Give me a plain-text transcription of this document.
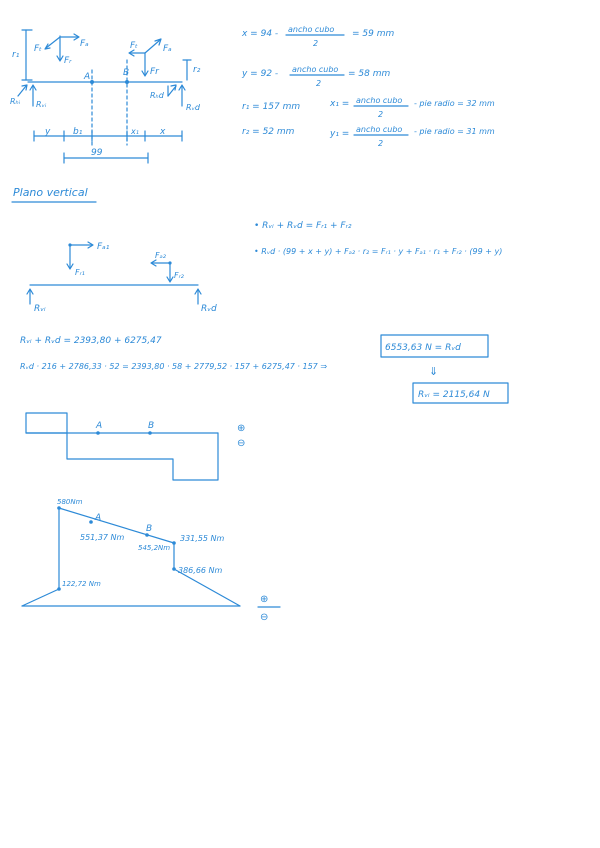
A	B
r₁
Fₐ
Fₜ
Fᵣ
Fₜ	Fₐ
Fr	r₂
Rₕᵢ Rᵥᵢ
Rₕd
Rᵥd
y	b₁	x₁ x
99
x = 94 - ancho cubo
2
= 59 mm
y = 92 - ancho cubo
2
= 58 mm
r₁ = 157 mm	x₁ = ancho cubo
2
- pie radio = 32 mm
r₂ = 52 mm	y₁ = ancho cubo
2
- pie radio = 31 mm
Plano vertical
• Rᵥᵢ + Rᵥd = Fᵣ₁ + Fᵣ₂
• Rᵥd · (99 + x + y) + Fₐ₂ · r₂ = Fᵣ₁ · y + Fₐ₁ · r₁ + Fᵣ₂ · (99 + y)
Fₐ₁
Fᵣ₁
Fₐ₂
Fᵣ₂
Rᵥᵢ	Rᵥd
Rᵥᵢ + Rᵥd = 2393,80 + 6275,47
Rᵥd · 216 + 2786,33 · 52 = 2393,80 · 58 + 2779,52 · 157 + 6275,47 · 157 ⇒
6553,63 N = Rᵥd
⇓
Rᵥᵢ = 2115,64 N
A	B	⊕
⊖
580Nm
A
551,37 Nm
B
545,2Nm
331,55 Nm
386,66 Nm
122,72 Nm
⊕
⊖
